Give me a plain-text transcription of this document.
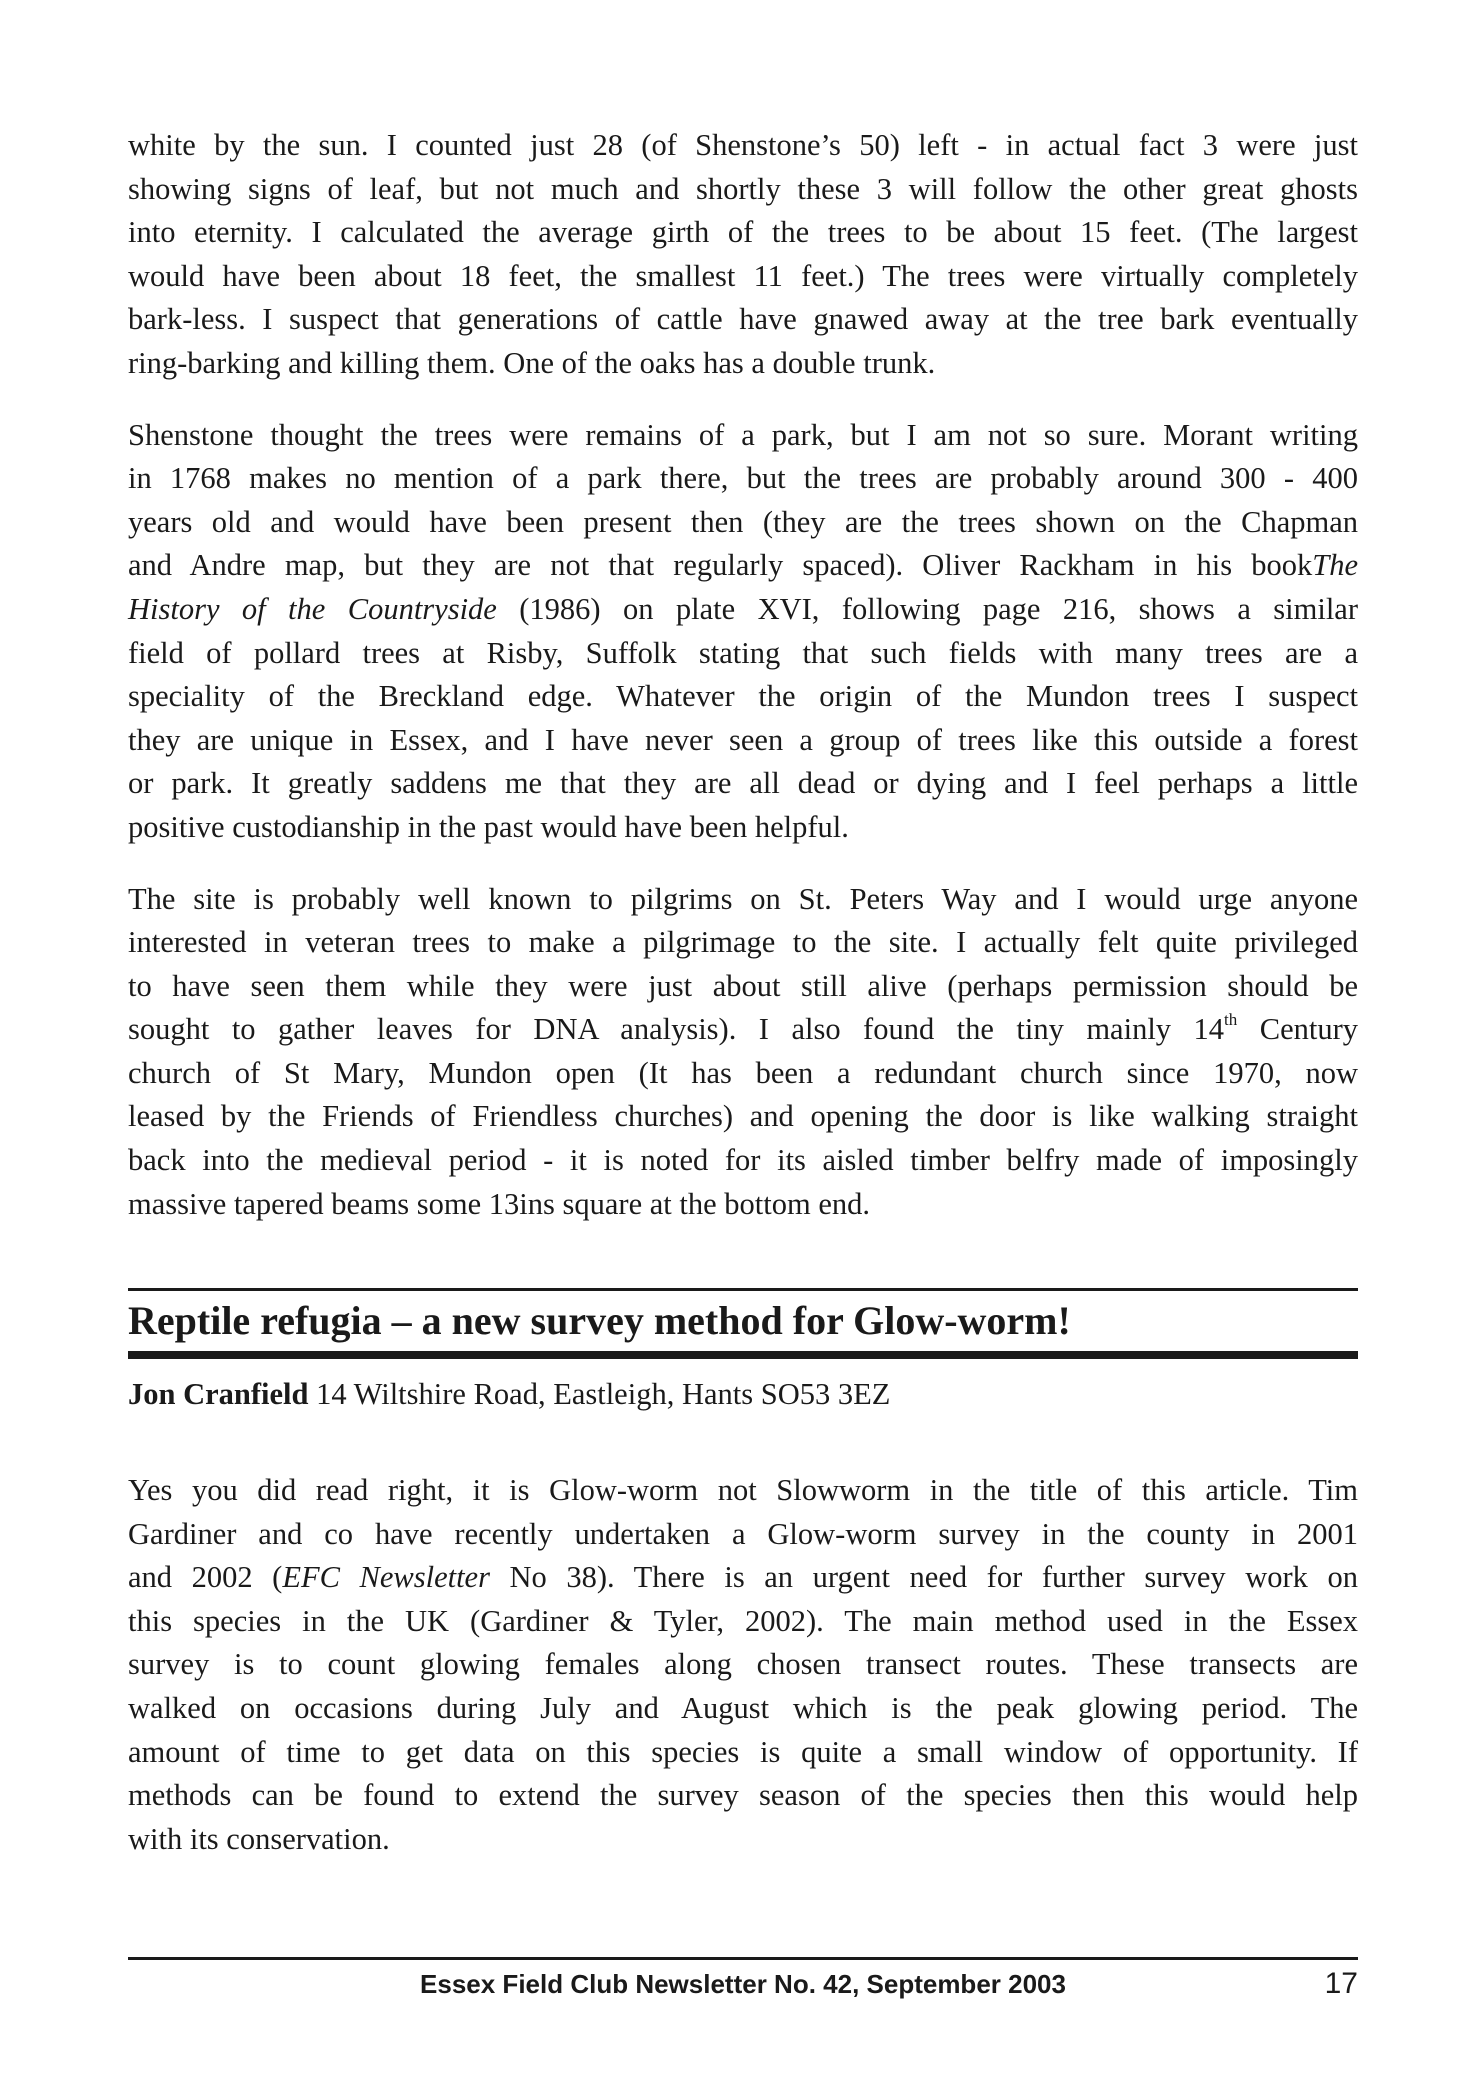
white by the sun. I counted just 28 (of Shenstone’s 50) left - in actual fact 3 were just
showing signs of leaf, but not much and shortly these 3 will follow the other great ghosts
into eternity. I calculated the average girth of the trees to be about 15 feet. (The largest
would have been about 18 feet, the smallest 11 feet.) The trees were virtually completely
bark-less. I suspect that generations of cattle have gnawed away at the tree bark eventually
ring-barking and killing them. One of the oaks has a double trunk.

Shenstone thought the trees were remains of a park, but I am not so sure. Morant writing
in 1768 makes no mention of a park there, but the trees are probably around 300 - 400
years old and would have been present then (they are the trees shown on the Chapman
and Andre map, but they are not that regularly spaced). Oliver Rackham in his bookThe
History of the Countryside (1986) on plate XVI, following page 216, shows a similar
field of pollard trees at Risby, Suffolk stating that such fields with many trees are a
speciality of the Breckland edge. Whatever the origin of the Mundon trees I suspect
they are unique in Essex, and I have never seen a group of trees like this outside a forest
or park. It greatly saddens me that they are all dead or dying and I feel perhaps a little
positive custodianship in the past would have been helpful.

The site is probably well known to pilgrims on St. Peters Way and I would urge anyone
interested in veteran trees to make a pilgrimage to the site. I actually felt quite privileged
to have seen them while they were just about still alive (perhaps permission should be
sought to gather leaves for DNA analysis). I also found the tiny mainly 14th Century
church of St Mary, Mundon open (It has been a redundant church since 1970, now
leased by the Friends of Friendless churches) and opening the door is like walking straight
back into the medieval period - it is noted for its aisled timber belfry made of imposingly
massive tapered beams some 13ins square at the bottom end.

Reptile refugia – a new survey method for Glow-worm!
Jon Cranfield 14 Wiltshire Road, Eastleigh, Hants SO53 3EZ

Yes you did read right, it is Glow-worm not Slowworm in the title of this article. Tim
Gardiner and co have recently undertaken a Glow-worm survey in the county in 2001
and 2002 (EFC Newsletter No 38). There is an urgent need for further survey work on
this species in the UK (Gardiner & Tyler, 2002). The main method used in the Essex
survey is to count glowing females along chosen transect routes. These transects are
walked on occasions during July and August which is the peak glowing period. The
amount of time to get data on this species is quite a small window of opportunity. If
methods can be found to extend the survey season of the species then this would help
with its conservation.

Essex Field Club Newsletter No. 42, September 2003	17
